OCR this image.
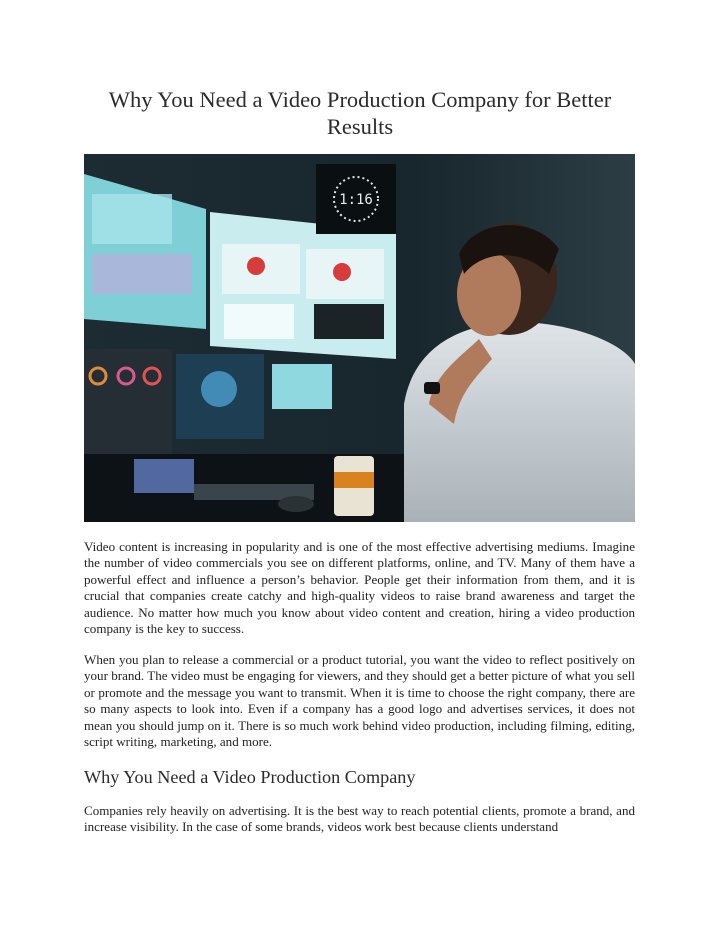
Why You Need a Video Production Company for Better Results
1:16

Video content is increasing in popularity and is one of the most effective advertising mediums. Imagine the number of video commercials you see on different platforms, online, and TV. Many of them have a powerful effect and influence a person’s behavior. People get their information from them, and it is crucial that companies create catchy and high-quality videos to raise brand awareness and target the audience. No matter how much you know about video content and creation, hiring a video production company is the key to success.

When you plan to release a commercial or a product tutorial, you want the video to reflect positively on your brand. The video must be engaging for viewers, and they should get a better picture of what you sell or promote and the message you want to transmit. When it is time to choose the right company, there are so many aspects to look into. Even if a company has a good logo and advertises services, it does not mean you should jump on it. There is so much work behind video production, including filming, editing, script writing, marketing, and more.

Why You Need a Video Production Company

Companies rely heavily on advertising. It is the best way to reach potential clients, promote a brand, and increase visibility. In the case of some brands, videos work best because clients understand
